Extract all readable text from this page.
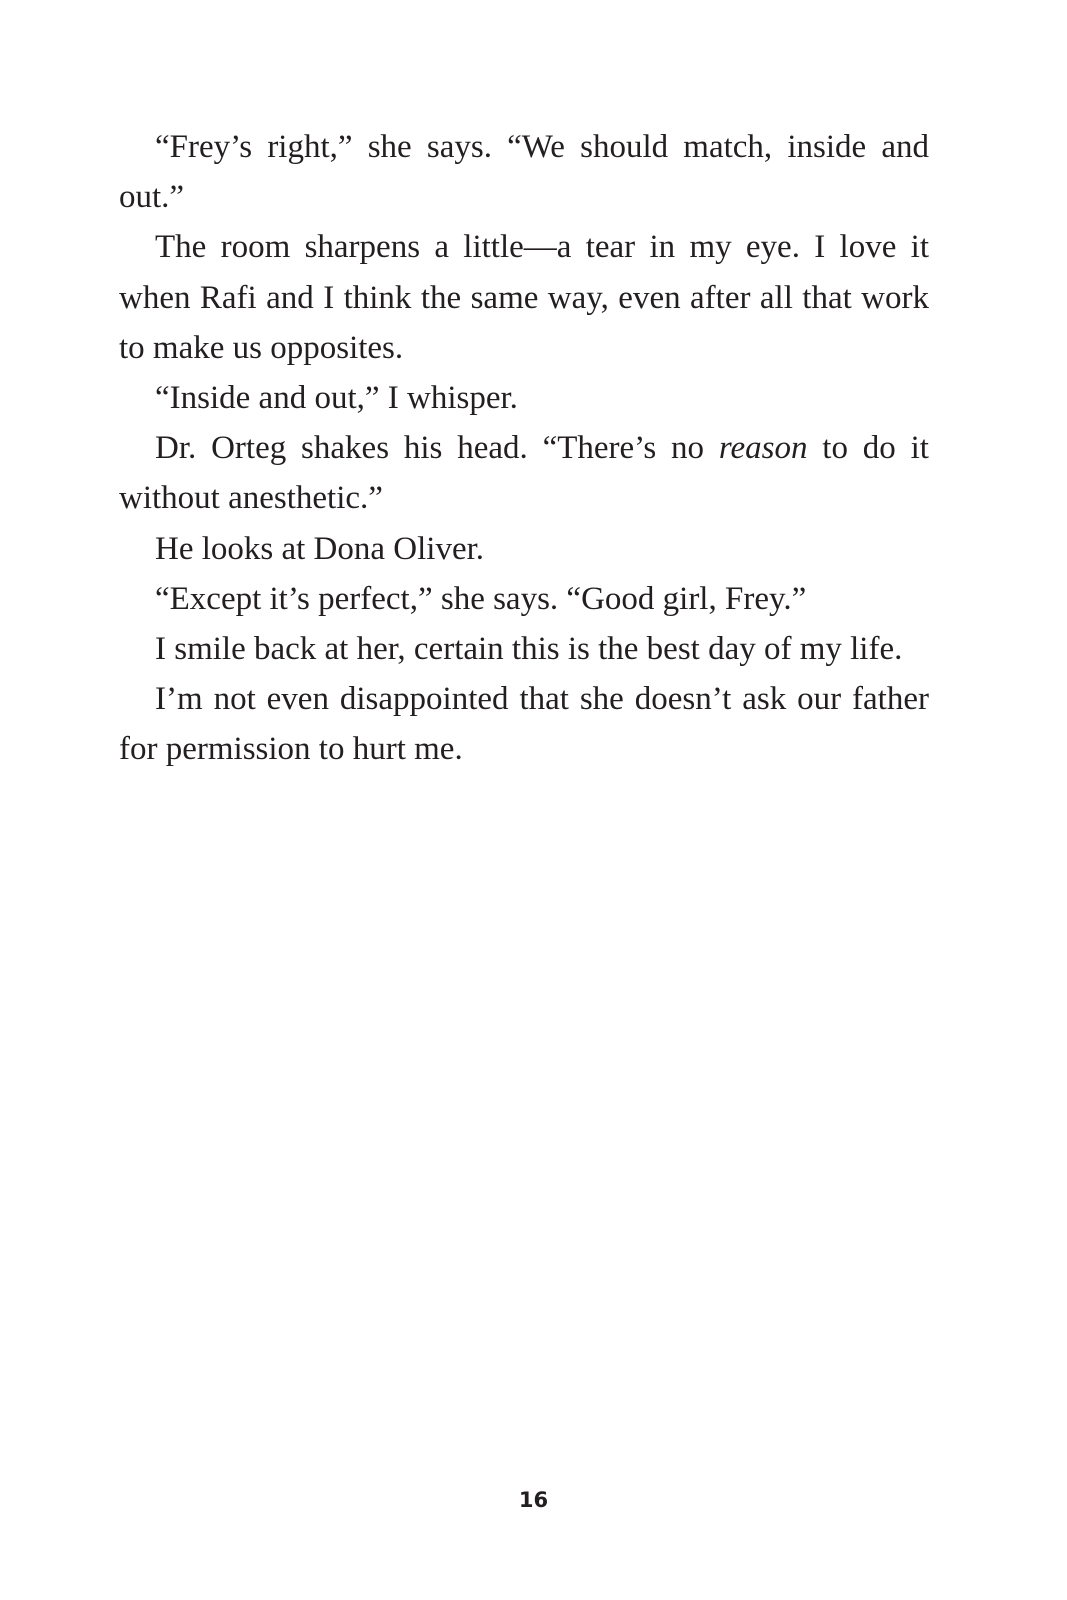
“Frey’s right,” she says. “We should match, inside and out.”

The room sharpens a little—a tear in my eye. I love it when Rafi and I think the same way, even after all that work to make us opposites.

“Inside and out,” I whisper.

Dr. Orteg shakes his head. “There’s no reason to do it without anesthetic.”

He looks at Dona Oliver.

“Except it’s perfect,” she says. “Good girl, Frey.”

I smile back at her, certain this is the best day of my life.

I’m not even disappointed that she doesn’t ask our father for permission to hurt me.

16
